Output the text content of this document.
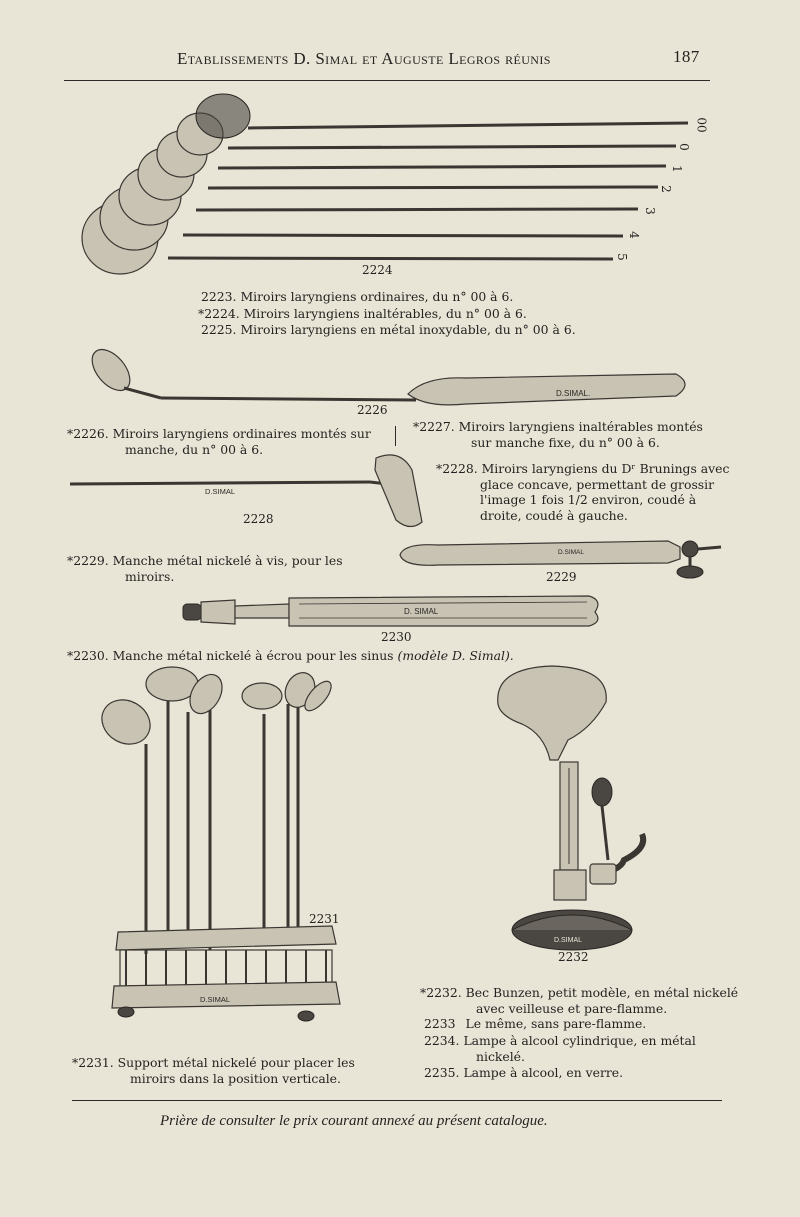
Etablissements D. Simal et Auguste Legros réunis	187
00
0
1
2
3
4
5
2224
2223. Miroirs laryngiens ordinaires, du n° 00 à 6.
*2224. Miroirs laryngiens inaltérables, du n° 00 à 6.
2225. Miroirs laryngiens en métal inoxydable, du n° 00 à 6.
D.SIMAL.
2226
*2226. Miroirs laryngiens ordinaires montés sur
manche, du n° 00 à 6.
*2227. Miroirs laryngiens inaltérables montés
sur manche fixe, du n° 00 à 6.
D.SIMAL
2228
*2228. Miroirs laryngiens du Dʳ Brunings avec
glace concave, permettant de grossir
l'image 1 fois 1/2 environ, coudé à
droite, coudé à gauche.
*2229. Manche métal nickelé à vis, pour les
miroirs.
D.SIMAL
2229
D. SIMAL
2230
*2230. Manche métal nickelé à écrou pour les sinus (modèle D. Simal).
D.SIMAL
2231
D.SIMAL
2232
*2231. Support métal nickelé pour placer les
miroirs dans la position verticale.
*2232. Bec Bunzen, petit modèle, en métal nickelé
avec veilleuse et pare-flamme.
2233 Le même, sans pare-flamme.
2234. Lampe à alcool cylindrique, en métal
nickelé.
2235. Lampe à alcool, en verre.
Prière de consulter le prix courant annexé au présent catalogue.
